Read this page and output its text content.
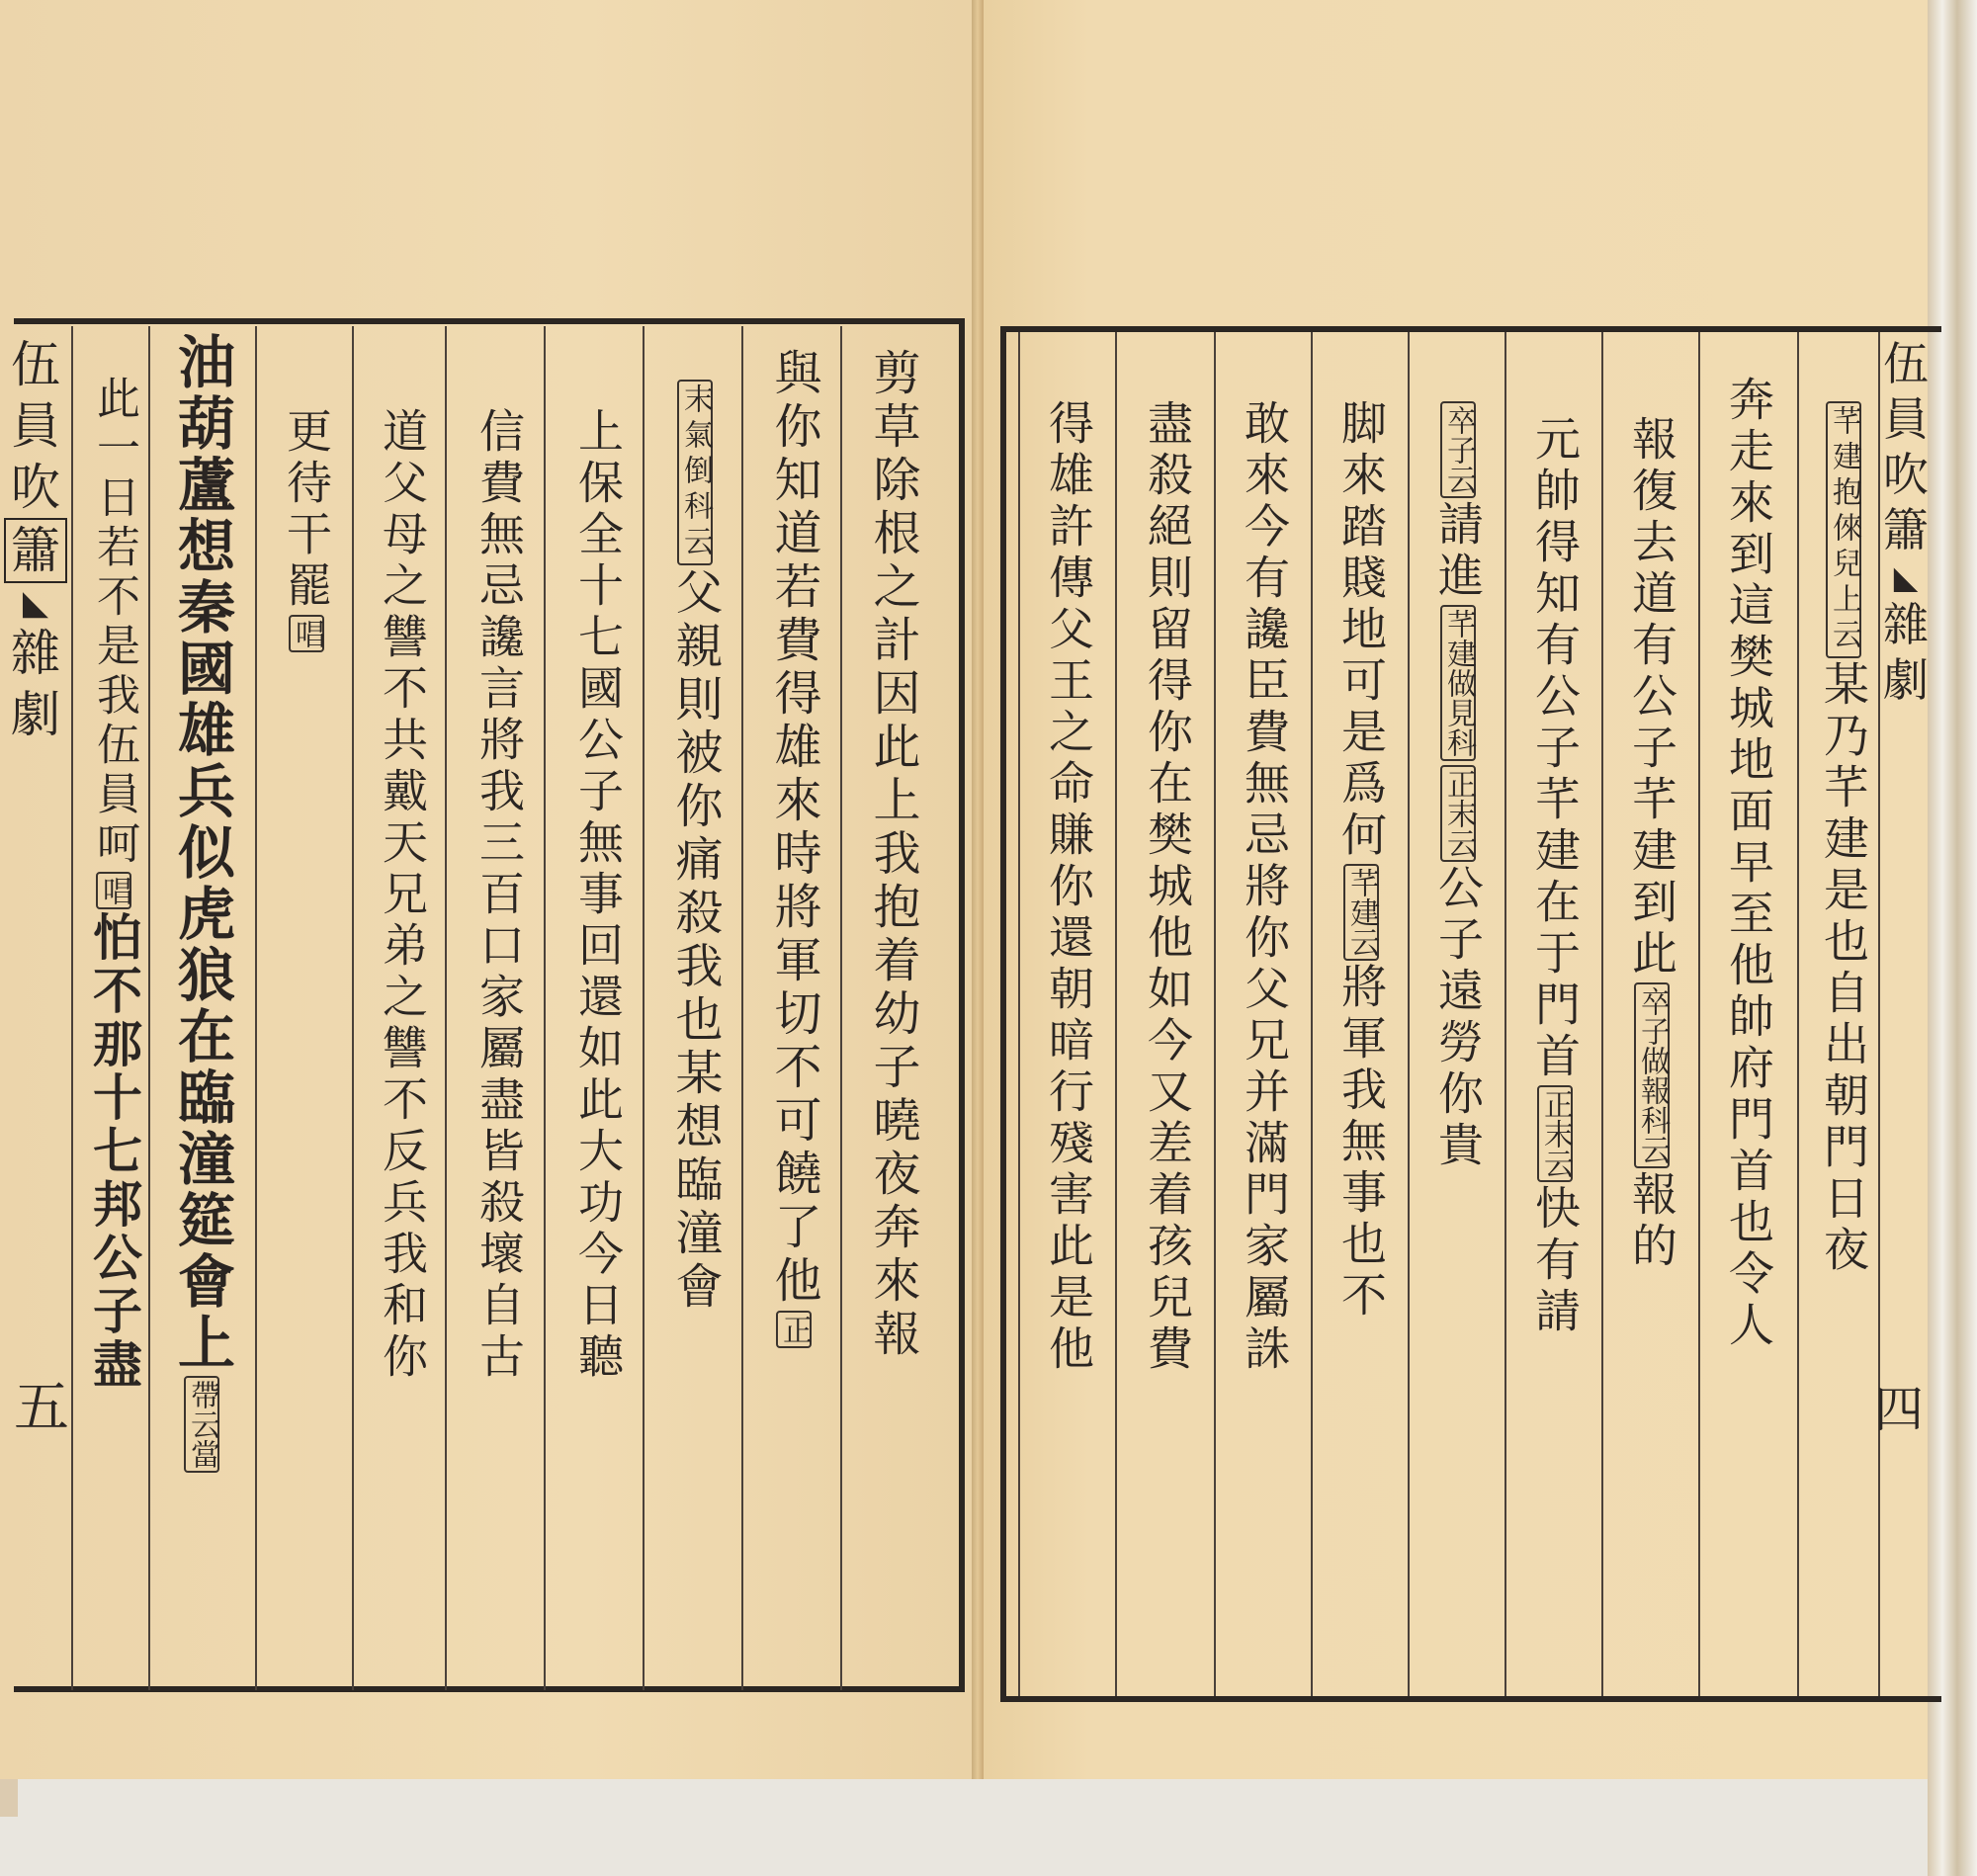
伍
員
吹
簫
◣
雜
劇
五
剪草除根之計因此上我抱着幼子曉夜奔來報
與你知道若費得雄來時將軍切不可饒了他
正
末氣倒科云
父親則被你痛殺我也某想臨潼會
上保全十七國公子無事回還如此大功今日聽
信費無忌讒言將我三百口家屬盡皆殺壞自古
道父母之讐不共戴天兄弟之讐不反兵我和你
更待干罷
唱
油葫蘆想秦國雄兵似虎狼在臨潼筵會上
帶云當
此一日若不是我伍員呵
唱
怕不那十七邦公子盡
伍
員
吹
簫
◣
雜
劇
四
芊建抱倈兒上云
某乃芊建是也自出朝門日夜
奔走來到這樊城地面早至他帥府門首也令人
報復去道有公子芊建到此
卒子做報科云
報的
元帥得知有公子芊建在于門首
正末云
快有請
卒子云
請進
芊建做見科
正末云
公子遠勞你貴
脚來踏賤地可是爲何
芊建云
將軍我無事也不
敢來今有讒臣費無忌將你父兄并滿門家屬誅
盡殺絕則留得你在樊城他如今又差着孩兒費
得雄許傳父王之命賺你還朝暗行殘害此是他
